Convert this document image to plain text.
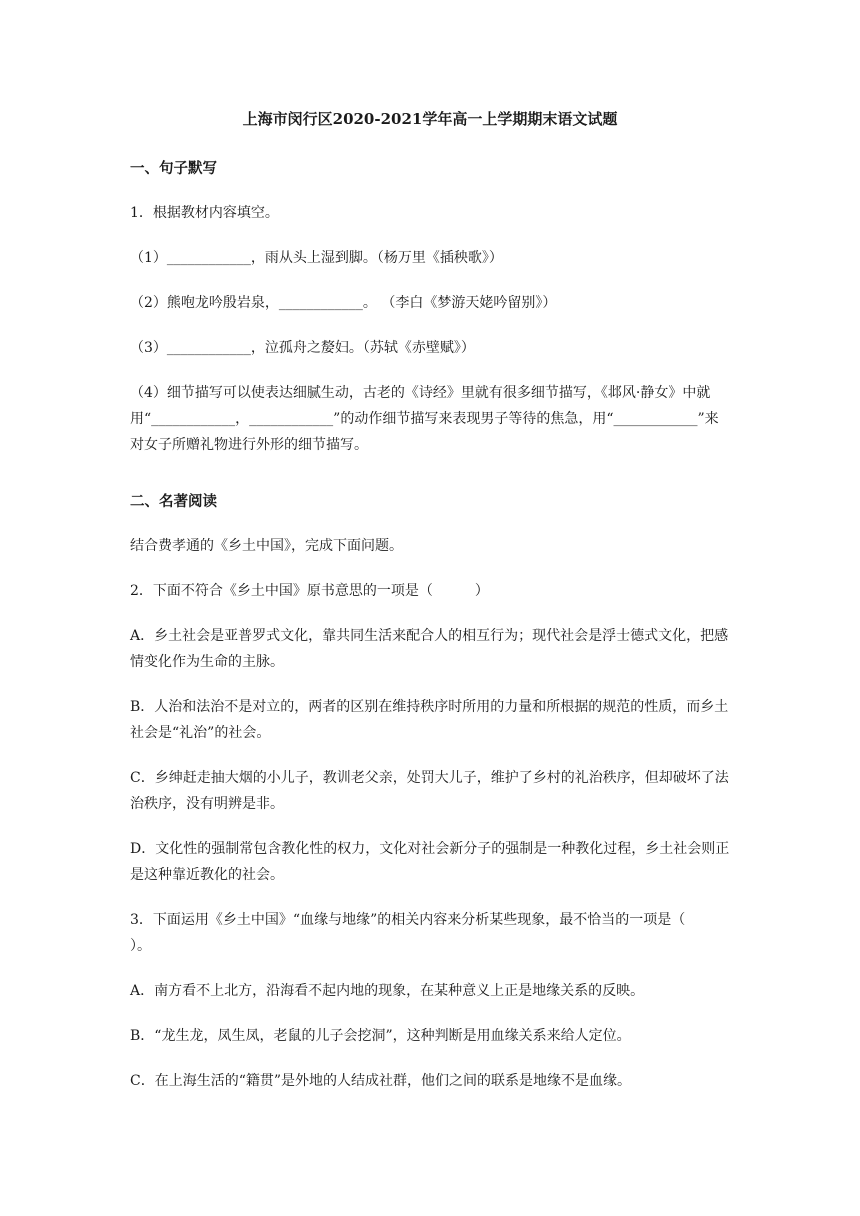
上海市闵行区2020-2021学年高一上学期期末语文试题
一、句子默写

1．根据教材内容填空。

（1）____________，雨从头上湿到脚。（杨万里《插秧歌》）

（2）熊咆龙吟殷岩泉，____________。 （李白《梦游天姥吟留别》）

（3）____________，泣孤舟之嫠妇。（苏轼《赤壁赋》）

（4）细节描写可以使表达细腻生动，古老的《诗经》里就有很多细节描写，《邶风·静女》中就用“____________，____________”的动作细节描写来表现男子等待的焦急，用“____________”来对女子所赠礼物进行外形的细节描写。

二、名著阅读

结合费孝通的《乡土中国》，完成下面问题。

2．下面不符合《乡土中国》原书意思的一项是（　　　）

A．乡土社会是亚普罗式文化，靠共同生活来配合人的相互行为；现代社会是浮士德式文化，把感情变化作为生命的主脉。

B．人治和法治不是对立的，两者的区别在维持秩序时所用的力量和所根据的规范的性质，而乡土社会是“礼治”的社会。

C．乡绅赶走抽大烟的小儿子，教训老父亲，处罚大儿子，维护了乡村的礼治秩序，但却破坏了法治秩序，没有明辨是非。

D．文化性的强制常包含教化性的权力，文化对社会新分子的强制是一种教化过程，乡土社会则正是这种靠近教化的社会。

3．下面运用《乡土中国》“血缘与地缘”的相关内容来分析某些现象，最不恰当的一项是（　　　）。

A．南方看不上北方，沿海看不起内地的现象，在某种意义上正是地缘关系的反映。

B．“龙生龙，凤生凤，老鼠的儿子会挖洞”，这种判断是用血缘关系来给人定位。

C．在上海生活的“籍贯”是外地的人结成社群，他们之间的联系是地缘不是血缘。
